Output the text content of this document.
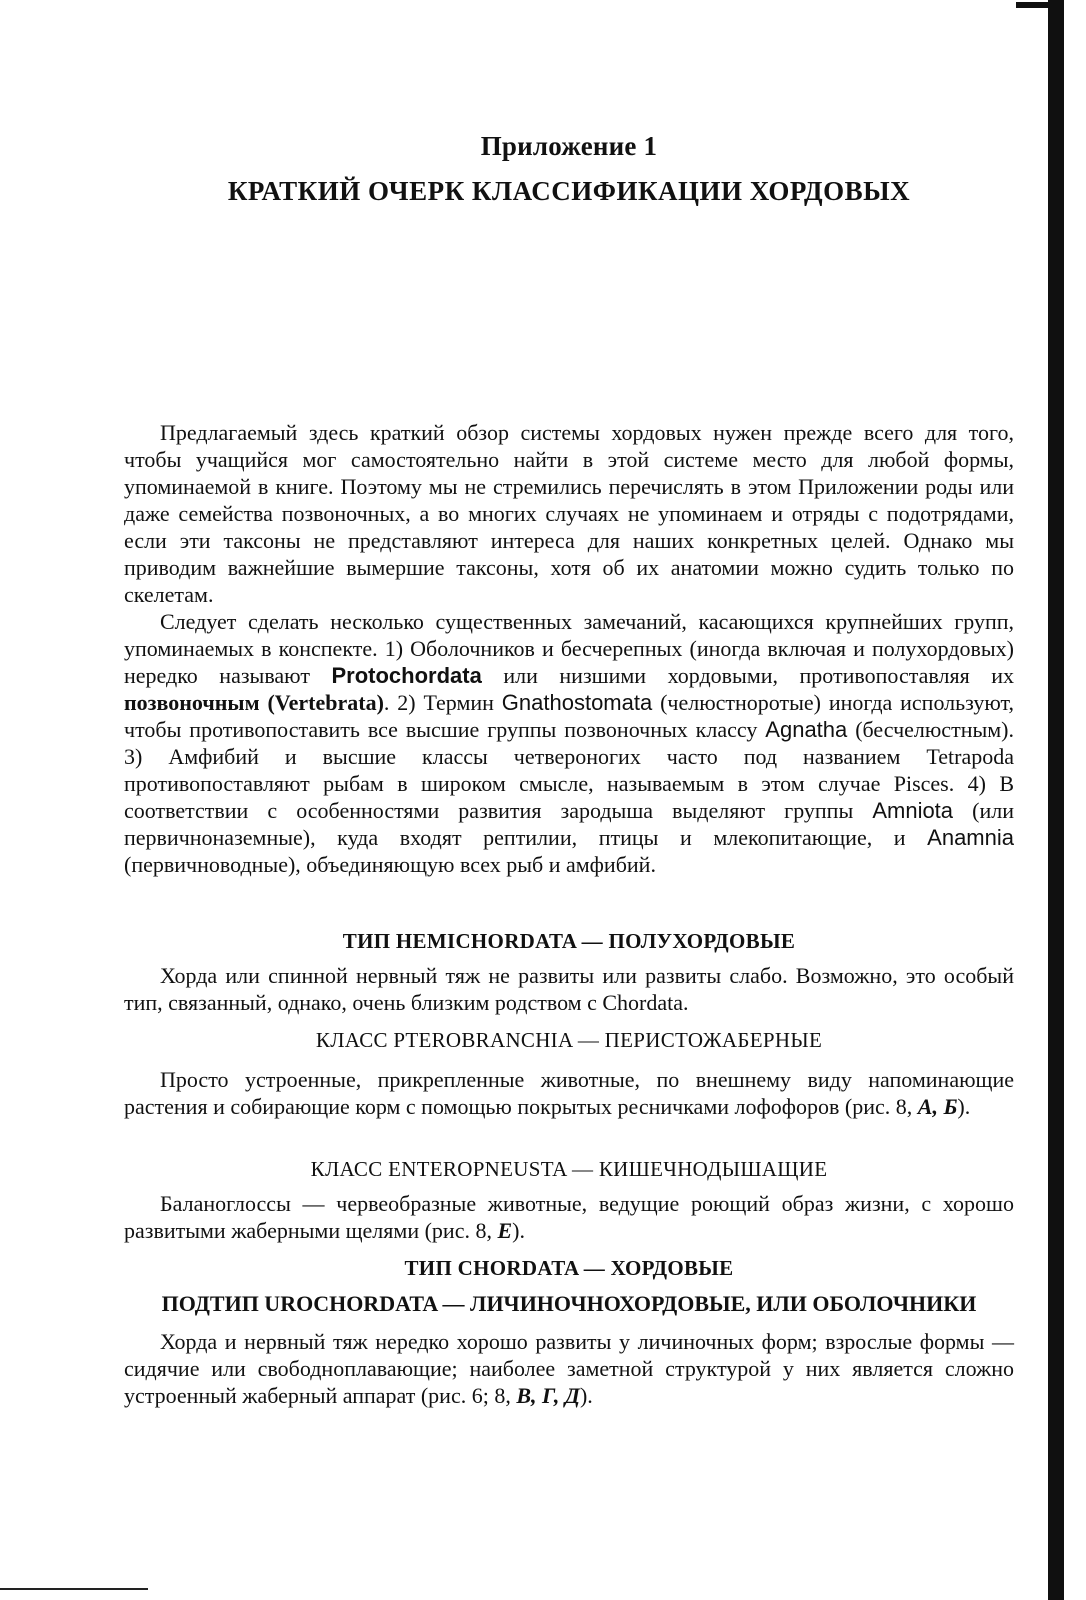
Приложение 1
КРАТКИЙ ОЧЕРК КЛАССИФИКАЦИИ ХОРДОВЫХ

Предлагаемый здесь краткий обзор системы хордовых нужен прежде всего для того, чтобы учащийся мог самостоятельно найти в этой системе место для любой формы, упоминаемой в книге. Поэтому мы не стремились перечислять в этом Приложении роды или даже семейства позвоночных, а во многих случаях не упоминаем и отряды с подотрядами, если эти таксоны не представляют интереса для наших конкретных целей. Однако мы приводим важнейшие вымершие таксоны, хотя об их анатомии можно судить только по скелетам.

Следует сделать несколько существенных замечаний, касающихся крупнейших групп, упоминаемых в конспекте. 1) Оболочников и бесчерепных (иногда включая и полухордовых) нередко называют Protochordata или низшими хордовыми, противопоставляя их позвоночным (Vertebrata). 2) Термин Gnathostomata (челюстноротые) иногда используют, чтобы противопоставить все высшие группы позвоночных классу Agnatha (бесчелюстным). 3) Амфибий и высшие классы четвероногих часто под названием Tetrapoda противопоставляют рыбам в широком смысле, называемым в этом случае Pisces. 4) В соответствии с особенностями развития зародыша выделяют группы Amniota (или первичноназемные), куда входят рептилии, птицы и млекопитающие, и Anamnia (первичноводные), объединяющую всех рыб и амфибий.

ТИП HEMICHORDATA — ПОЛУХОРДОВЫЕ

Хорда или спинной нервный тяж не развиты или развиты слабо. Возможно, это особый тип, связанный, однако, очень близким родством с Chordata.

КЛАСС PTEROBRANCHIA — ПЕРИСТОЖАБЕРНЫЕ

Просто устроенные, прикрепленные животные, по внешнему виду напоминающие растения и собирающие корм с помощью покрытых ресничками лофофоров (рис. 8, А, Б).

КЛАСС ENTEROPNEUSTA — КИШЕЧНОДЫШАЩИЕ

Баланоглоссы — червеобразные животные, ведущие роющий образ жизни, с хорошо развитыми жаберными щелями (рис. 8, Е).

ТИП CHORDATA — ХОРДОВЫЕ
ПОДТИП UROCHORDATA — ЛИЧИНОЧНОХОРДОВЫЕ, ИЛИ ОБОЛОЧНИКИ

Хорда и нервный тяж нередко хорошо развиты у личиночных форм; взрослые формы — сидячие или свободноплавающие; наиболее заметной структурой у них является сложно устроенный жаберный аппарат (рис. 6; 8, В, Г, Д).
